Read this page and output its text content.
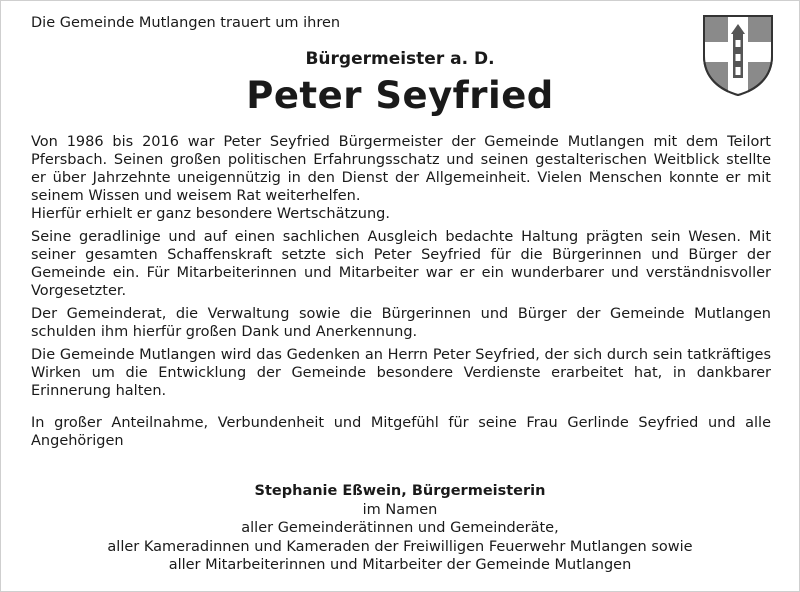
Die Gemeinde Mutlangen trauert um ihren
Bürgermeister a. D.
Peter Seyfried

Von 1986 bis 2016 war Peter Seyfried Bürgermeister der Gemeinde Mutlangen mit dem Teilort Pfersbach. Seinen großen politischen Erfahrungsschatz und seinen gestalterischen Weitblick stellte er über Jahrzehnte uneigennützig in den Dienst der Allgemeinheit. Vielen Menschen konnte er mit seinem Wissen und weisem Rat weiterhelfen.

Hierfür erhielt er ganz besondere Wertschätzung.

Seine geradlinige und auf einen sachlichen Ausgleich bedachte Haltung prägten sein Wesen. Mit seiner gesamten Schaffenskraft setzte sich Peter Seyfried für die Bürgerinnen und Bürger der Gemeinde ein. Für Mitarbeiterinnen und Mitarbeiter war er ein wunderbarer und verständnisvoller Vorgesetzter.

Der Gemeinderat, die Verwaltung sowie die Bürgerinnen und Bürger der Gemeinde Mutlangen schulden ihm hierfür großen Dank und Anerkennung.

Die Gemeinde Mutlangen wird das Gedenken an Herrn Peter Seyfried, der sich durch sein tatkräftiges Wirken um die Entwicklung der Gemeinde besondere Verdienste erarbeitet hat, in dankbarer Erinnerung halten.

In großer Anteilnahme, Verbundenheit und Mitgefühl für seine Frau Gerlinde Seyfried und alle Angehörigen

Stephanie Eßwein, Bürgermeisterin
im Namen
aller Gemeinderätinnen und Gemeinderäte,
aller Kameradinnen und Kameraden der Freiwilligen Feuerwehr Mutlangen sowie
aller Mitarbeiterinnen und Mitarbeiter der Gemeinde Mutlangen
